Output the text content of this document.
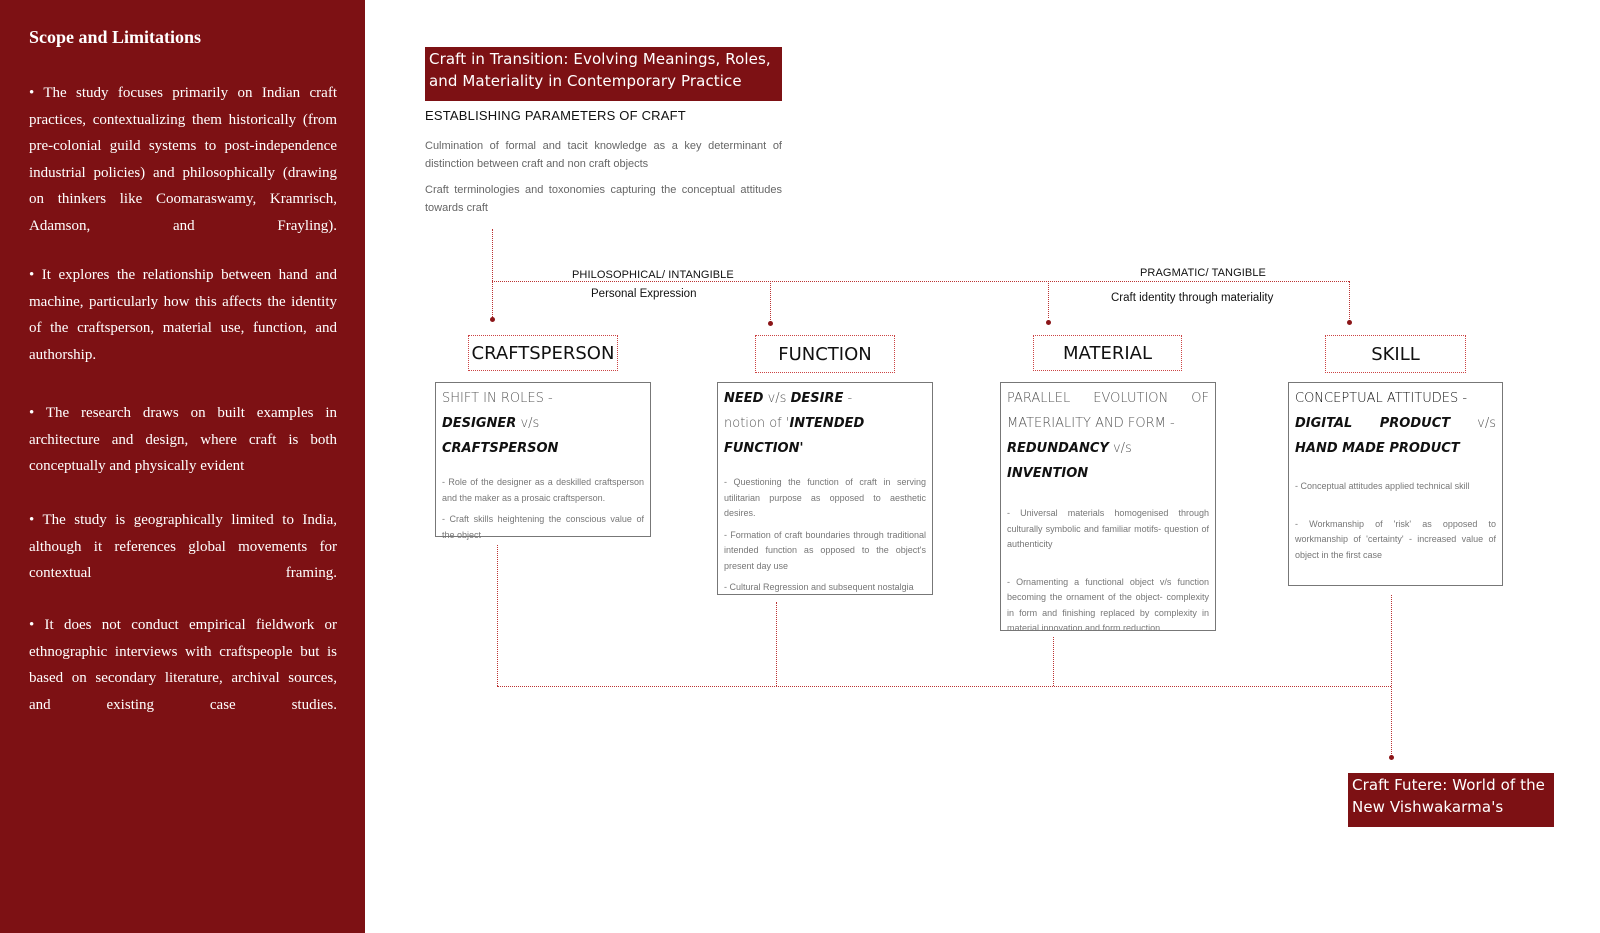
Scope and Limitations
• The study focuses primarily on Indian craft practices, contextualizing them historically (from pre-colonial guild systems to post-independence industrial policies) and philosophically (drawing on thinkers like Coomaraswamy, Kramrisch, Adamson, and Frayling).
• It explores the relationship between hand and machine, particularly how this affects the identity of the craftsperson, material use, function, and authorship.
• The research draws on built examples in architecture and design, where craft is both conceptually and physically evident
• The study is geographically limited to India, although it references global movements for contextual framing.
• It does not conduct empirical fieldwork or ethnographic interviews with craftspeople but is based on secondary literature, archival sources, and existing case studies.
Craft in Transition: Evolving Meanings, Roles,
and Materiality in Contemporary Practice
ESTABLISHING PARAMETERS OF CRAFT
Culmination of formal and tacit knowledge as a key determinant of distinction between craft and non craft objects
Craft terminologies and toxonomies capturing the conceptual attitudes towards craft
PHILOSOPHICAL/ INTANGIBLE
Personal Expression
PRAGMATIC/ TANGIBLE
Craft identity through materiality
CRAFTSPERSON	FUNCTION	MATERIAL	SKILL
SHIFT IN ROLES -
DESIGNER v/s CRAFTSPERSON
- Role of the designer as a deskilled craftsperson and the maker as a prosaic craftsperson.
- Craft skills heightening the conscious value of the object
NEED v/s DESIRE -
notion of 'INTENDED FUNCTION'
- Questioning the function of craft in serving utilitarian purpose as opposed to aesthetic desires.
- Formation of craft boundaries through traditional intended function as opposed to the object's present day use
- Cultural Regression and subsequent nostalgia
PARALLEL EVOLUTION OF MATERIALITY AND FORM -
REDUNDANCY v/s INVENTION
- Universal materials homogenised through culturally symbolic and familiar motifs- question of authenticity
- Ornamenting a functional object v/s function becoming the ornament of the object- complexity in form and finishing replaced by complexity in material innovation and form reduction
CONCEPTUAL ATTITUDES -
DIGITAL PRODUCT v/s HAND MADE PRODUCT
- Conceptual attitudes applied technical skill
- Workmanship of 'risk' as opposed to workmanship of 'certainty' - increased value of object in the first case
Craft Futere: World of the
New Vishwakarma's
